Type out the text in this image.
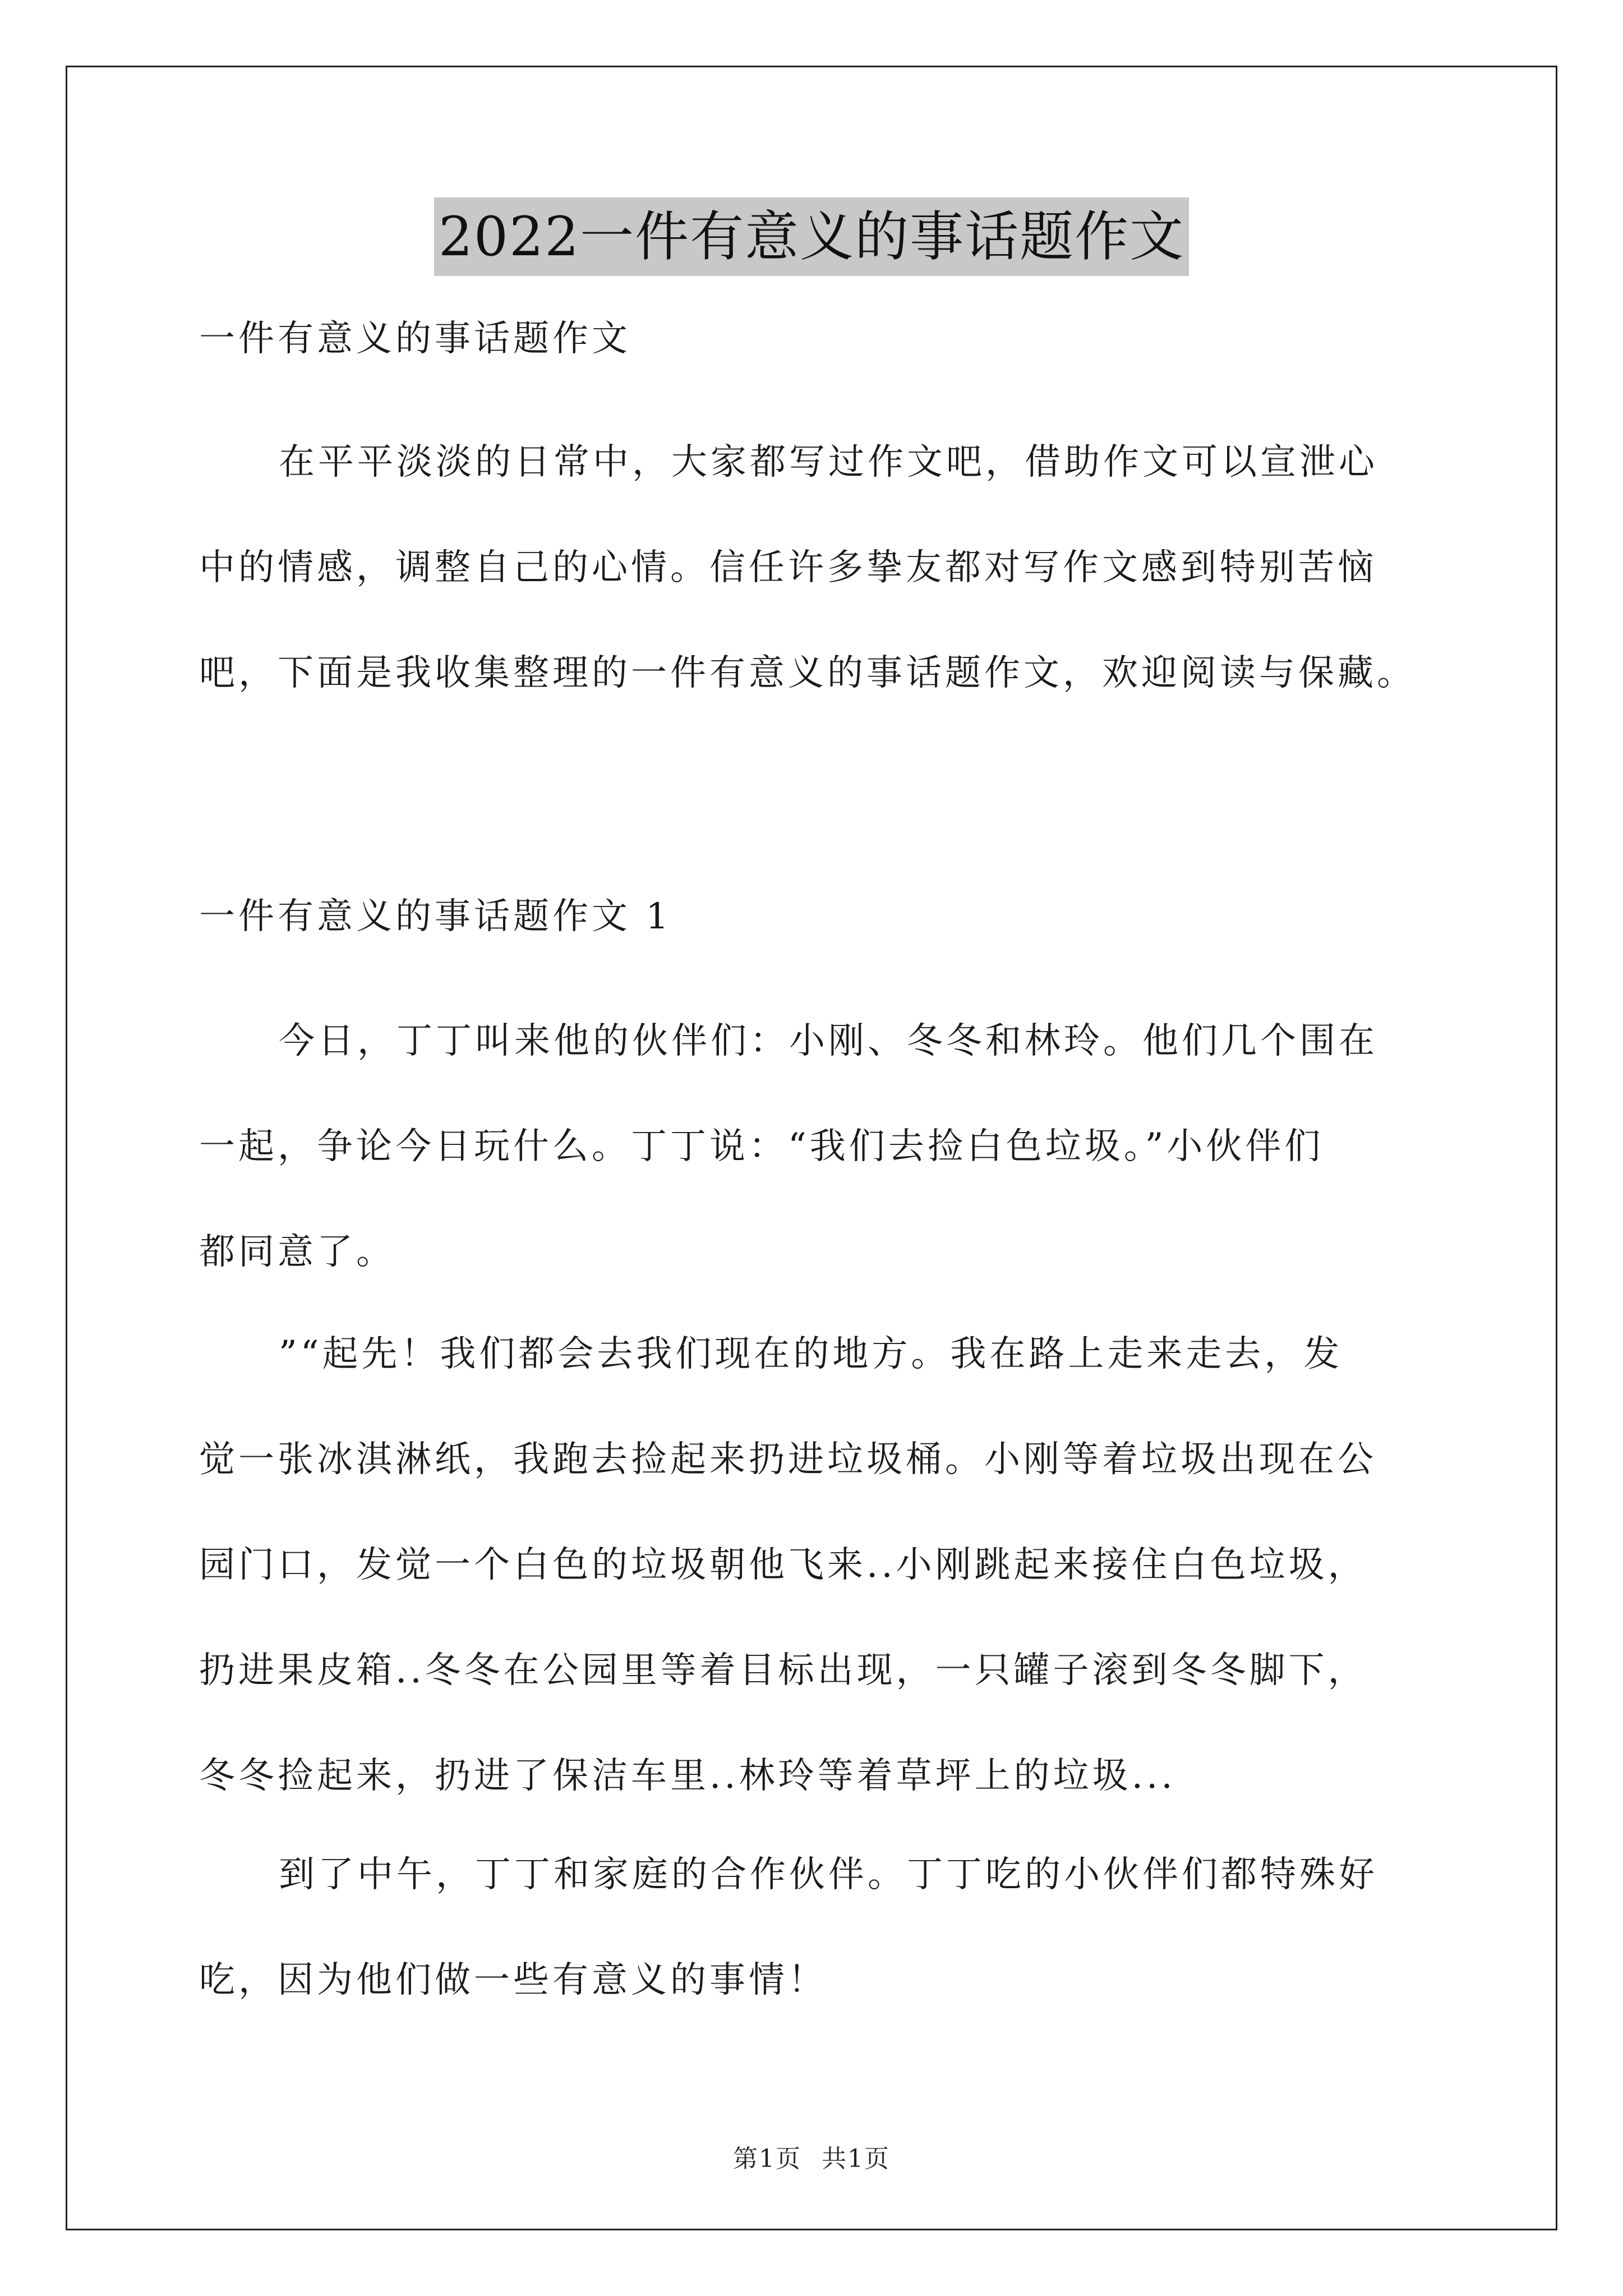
2022一件有意义的事话题作文

一件有意义的事话题作文

在平平淡淡的日常中，大家都写过作文吧，借助作文可以宣泄心
中的情感，调整自己的心情。信任许多挚友都对写作文感到特别苦恼
吧，下面是我收集整理的一件有意义的事话题作文，欢迎阅读与保藏。

一件有意义的事话题作文 1

今日，丁丁叫来他的伙伴们：小刚、冬冬和林玲。他们几个围在
一起，争论今日玩什么。丁丁说：“我们去捡白色垃圾。”小伙伴们
都同意了。
”“起先！我们都会去我们现在的地方。我在路上走来走去，发
觉一张冰淇淋纸，我跑去捡起来扔进垃圾桶。小刚等着垃圾出现在公
园门口，发觉一个白色的垃圾朝他飞来..小刚跳起来接住白色垃圾，
扔进果皮箱..冬冬在公园里等着目标出现，一只罐子滚到冬冬脚下，
冬冬捡起来，扔进了保洁车里..林玲等着草坪上的垃圾...
到了中午，丁丁和家庭的合作伙伴。丁丁吃的小伙伴们都特殊好
吃，因为他们做一些有意义的事情！
第1页 共1页
